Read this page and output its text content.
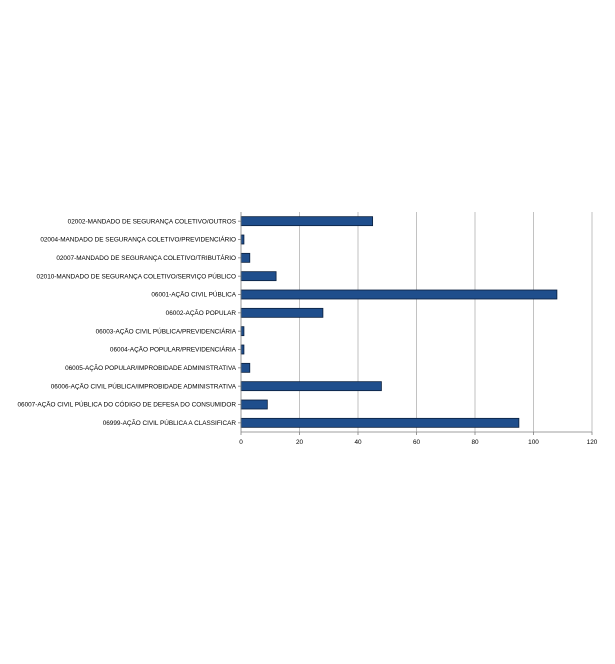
0	20	40	60	80	100	120
02002-MANDADO DE SEGURANÇA COLETIVO/OUTROS
02004-MANDADO DE SEGURANÇA COLETIVO/PREVIDENCIÁRIO
02007-MANDADO DE SEGURANÇA COLETIVO/TRIBUTÁRIO
02010-MANDADO DE SEGURANÇA COLETIVO/SERVIÇO PÚBLICO
06001-AÇÃO CIVIL PÚBLICA
06002-AÇÃO POPULAR
06003-AÇÃO CIVIL PÚBLICA/PREVIDENCIÁRIA
06004-AÇÃO POPULAR/PREVIDENCIÁRIA
06005-AÇÃO POPULAR/IMPROBIDADE ADMINISTRATIVA
06006-AÇÃO CIVIL PÚBLICA/IMPROBIDADE ADMINISTRATIVA
06007-AÇÃO CIVIL PÚBLICA DO CÓDIGO DE DEFESA DO CONSUMIDOR
06999-AÇÃO CIVIL PÚBLICA A CLASSIFICAR
